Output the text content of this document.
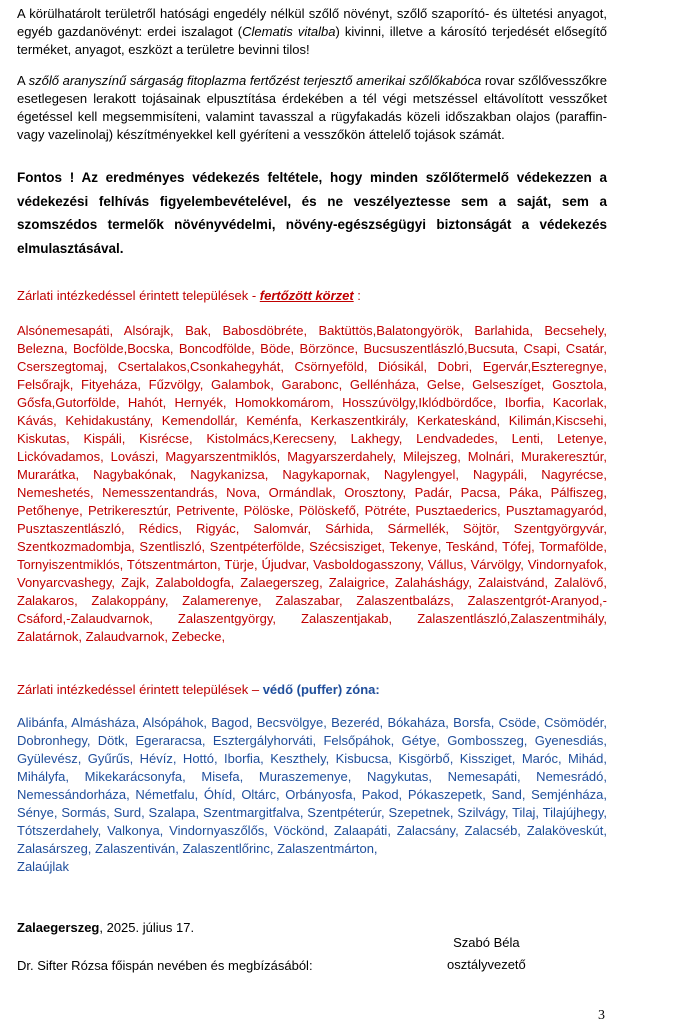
A körülhatárolt területről hatósági engedély nélkül szőlő növényt, szőlő szaporító- és ültetési anyagot, egyéb gazdanövényt: erdei iszalagot (Clematis vitalba) kivinni, illetve a károsító terjedését elősegítő terméket, anyagot, eszközt a területre bevinni tilos!

A szőlő aranyszínű sárgaság fitoplazma fertőzést terjesztő amerikai szőlőkabóca rovar szőlővesszőkre esetlegesen lerakott tojásainak elpusztítása érdekében a tél végi metszéssel eltávolított vesszőket égetéssel kell megsemmisíteni, valamint tavasszal a rügyfakadás közeli időszakban olajos (paraffin- vagy vazelinolaj) készítményekkel kell gyéríteni a vesszőkön áttelelő tojások számát.

Fontos ! Az eredményes védekezés feltétele, hogy minden szőlőtermelő védekezzen a védekezési felhívás figyelembevételével, és ne veszélyeztesse sem a saját, sem a szomszédos termelők növényvédelmi, növény-egészségügyi biztonságát a védekezés elmulasztásával.

Zárlati intézkedéssel érintett települések - fertőzött körzet :

Alsónemesapáti, Alsórajk, Bak, Babosdöbréte, Baktüttös,Balatongyörök, Barlahida, Becsehely, Belezna, Bocfölde,Bocska, Boncodfölde, Böde, Börzönce, Bucsuszentlászló,Bucsuta, Csapi, Csatár, Cserszegtomaj, Csertalakos,Csonkahegyhát, Csörnyeföld, Diósikál, Dobri, Egervár,Eszteregnye, Felsőrajk, Fityeháza, Fűzvölgy, Galambok, Garabonc, Gellénháza, Gelse, Gelseszíget, Gosztola, Gősfa,Gutorfölde, Hahót, Hernyék, Homokkomárom, Hosszúvölgy,Iklódbördőce, Iborfia, Kacorlak, Kávás, Kehidakustány, Kemendollár, Keménfa, Kerkaszentkirály, Kerkateskánd, Kilimán,Kiscsehi, Kiskutas, Kispáli, Kisrécse, Kistolmács,Kerecseny, Lakhegy, Lendvadedes, Lenti, Letenye, Lickóvadamos, Lovászi, Magyarszentmiklós, Magyarszerdahely, Milejszeg, Molnári, Murakeresztúr, Murarátka, Nagybakónak, Nagykanizsa, Nagykapornak, Nagylengyel, Nagypáli, Nagyrécse, Nemeshetés, Nemesszentandrás, Nova, Ormándlak, Orosztony, Padár, Pacsa, Páka, Pálfiszeg, Petőhenye, Petrikeresztúr, Petrivente, Pölöske, Pölöskefő, Pötréte, Pusztaederics, Pusztamagyaród, Pusztaszentlászló, Rédics, Rigyác, Salomvár, Sárhida, Sármellék, Söjtör, Szentgyörgyvár, Szentkozmadombja, Szentliszló, Szentpéterfölde, Szécsisziget, Tekenye, Teskánd, Tófej, Tormafölde, Tornyiszentmiklós, Tótszentmárton, Türje, Újudvar, Vasboldogasszony, Vállus, Várvölgy, Vindornyafok, Vonyarcvashegy, Zajk, Zalaboldogfa, Zalaegerszeg, Zalaigrice, Zalaháshágy, Zalaistvánd, Zalalövő, Zalakaros, Zalakoppány, Zalamerenye, Zalaszabar, Zalaszentbalázs, Zalaszentgrót-Aranyod,-Csáford,-Zalaudvarnok, Zalaszentgyörgy, Zalaszentjakab, Zalaszentlászló,Zalaszentmihály, Zalatárnok, Zalaudvarnok, Zebecke,

Zárlati intézkedéssel érintett települések – védő (puffer) zóna:

Alibánfa, Almásháza, Alsópáhok, Bagod, Becsvölgye, Bezeréd, Bókaháza, Borsfa, Csöde, Csömödér, Dobronhegy, Dötk, Egeraracsa, Esztergályhorváti, Felsőpáhok, Gétye, Gombosszeg, Gyenesdiás, Gyülevész, Gyűrűs, Hévíz, Hottó, Iborfia, Keszthely, Kisbucsa, Kisgörbő, Kissziget, Maróc, Mihád, Mihályfa, Mikekarácsonyfa, Misefa, Muraszemenye, Nagykutas, Nemesapáti, Nemesrádó, Nemessándorháza, Németfalu, Óhíd, Oltárc, Orbányosfa, Pakod, Pókaszepetk, Sand, Semjénháza, Sénye, Sormás, Surd, Szalapa, Szentmargitfalva, Szentpéterúr, Szepetnek, Szilvágy, Tilaj, Tilajújhegy, Tótszerdahely, Valkonya, Vindornyaszőlős, Vöckönd, Zalaapáti, Zalacsány, Zalacséb, Zalaköveskút, Zalasárszeg, Zalaszentiván, Zalaszentlőrinc, Zalaszentmárton,
Zalaújlak

Zalaegerszeg, 2025. július 17.

Dr. Sifter Rózsa főispán nevében és megbízásából:

Szabó Béla
osztályvezető
3
